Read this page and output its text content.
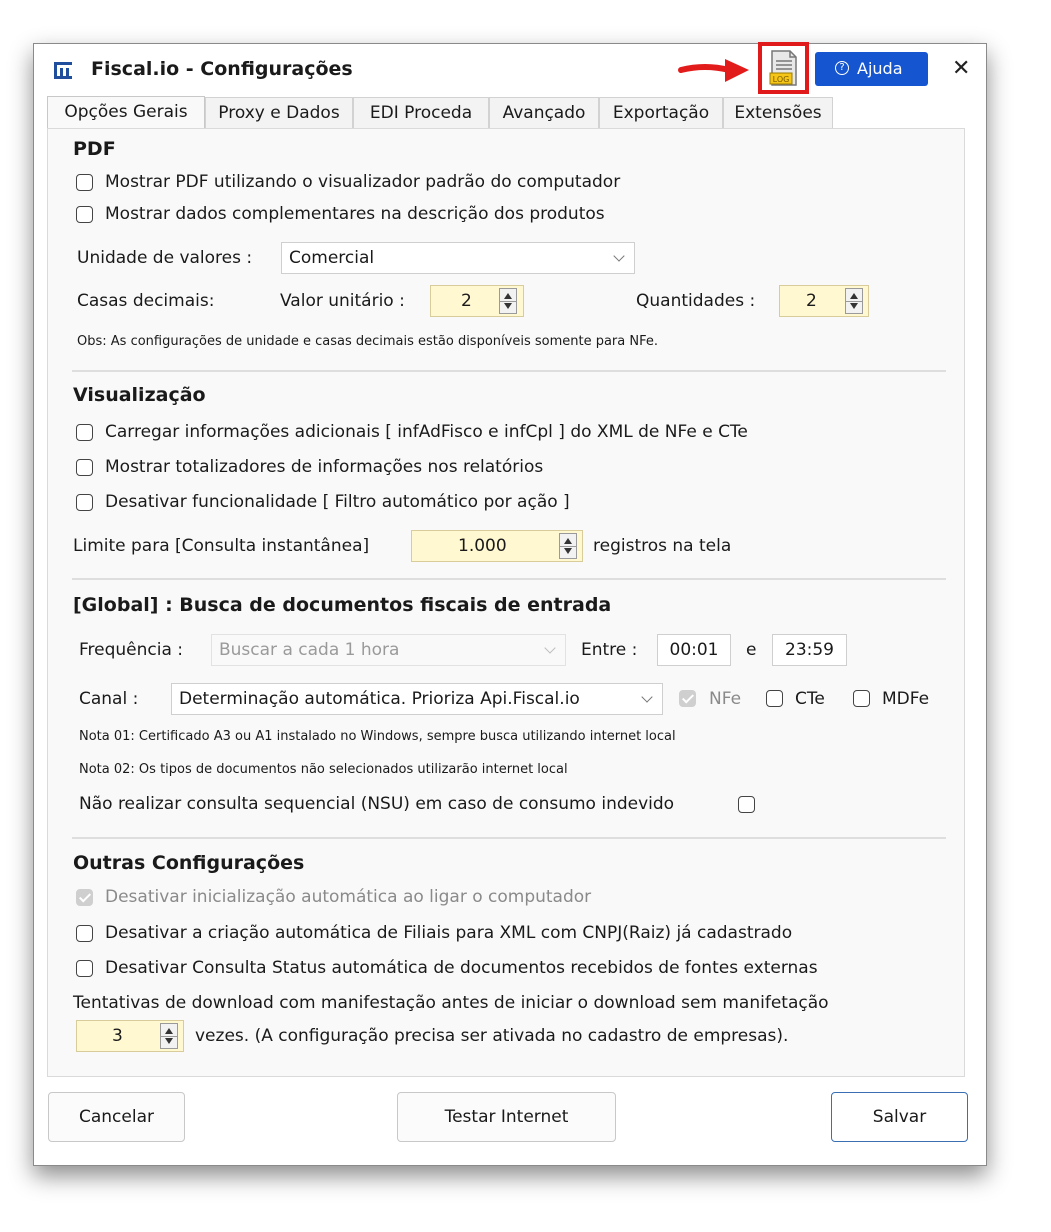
Fiscal.io - Configurações	LOG
? Ajuda ✕
Opções Gerais	Proxy e Dados	EDI Proceda	Avançado	Exportação	Extensões
PDF
Mostrar PDF utilizando o visualizador padrão do computador
Mostrar dados complementares na descrição dos produtos
Unidade de valores :	Comercial
Casas decimais:	Valor unitário :	2	Quantidades :	2
Obs: As configurações de unidade e casas decimais estão disponíveis somente para NFe.
Visualização
Carregar informações adicionais [ infAdFisco e infCpl ] do XML de NFe e CTe
Mostrar totalizadores de informações nos relatórios
Desativar funcionalidade [ Filtro automático por ação ]
Limite para [Consulta instantânea]	1.000	registros na tela
[Global] : Busca de documentos fiscais de entrada
Frequência :	Buscar a cada 1 hora	Entre :	00:01	e	23:59
Canal :	Determinação automática. Prioriza Api.Fiscal.io	NFe	CTe	MDFe
Nota 01: Certificado A3 ou A1 instalado no Windows, sempre busca utilizando internet local
Nota 02: Os tipos de documentos não selecionados utilizarão internet local
Não realizar consulta sequencial (NSU) em caso de consumo indevido
Outras Configurações
Desativar inicialização automática ao ligar o computador
Desativar a criação automática de Filiais para XML com CNPJ(Raiz) já cadastrado
Desativar Consulta Status automática de documentos recebidos de fontes externas
Tentativas de download com manifestação antes de iniciar o download sem manifetação
3	vezes. (A configuração precisa ser ativada no cadastro de empresas).
Cancelar	Testar Internet	Salvar
